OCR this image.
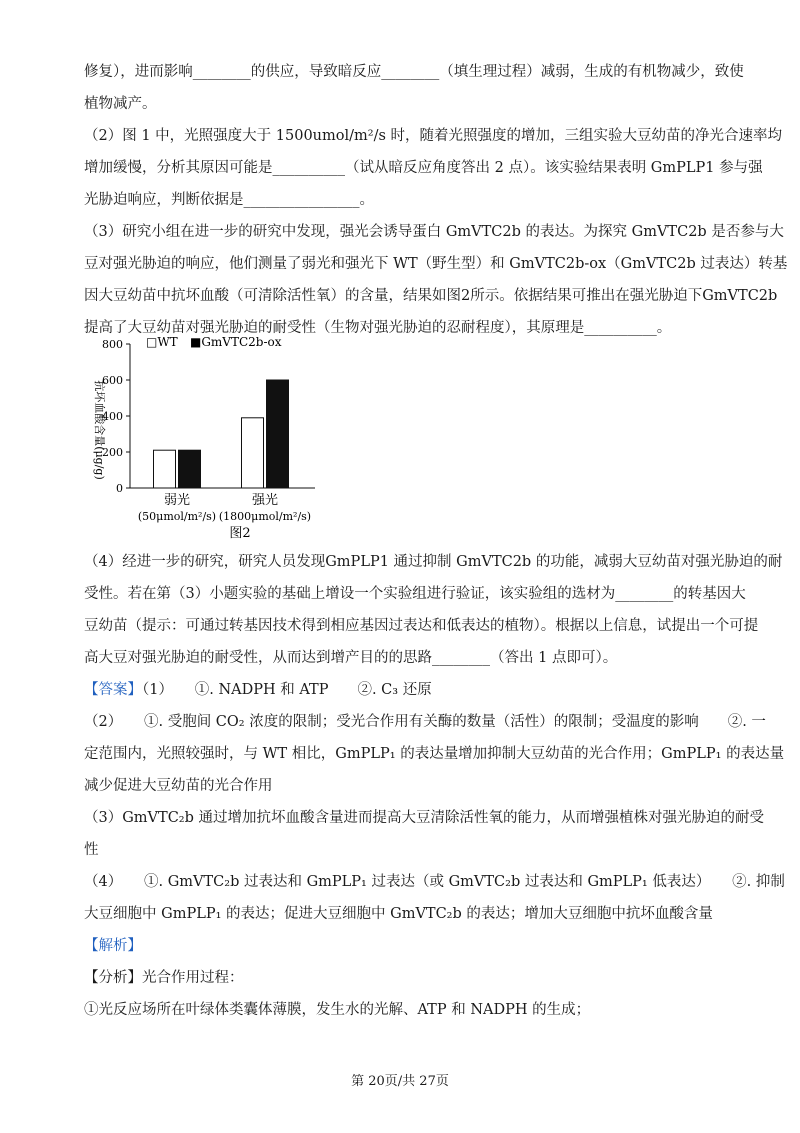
修复），进而影响________的供应，导致暗反应________（填生理过程）减弱，生成的有机物减少，致使
植物减产。
（2）图 1 中，光照强度大于 1500umol/m²/s 时，随着光照强度的增加，三组实验大豆幼苗的净光合速率均
增加缓慢，分析其原因可能是__________（试从暗反应角度答出 2 点）。该实验结果表明 GmPLP1 参与强
光胁迫响应，判断依据是________________。
（3）研究小组在进一步的研究中发现，强光会诱导蛋白 GmVTC2b 的表达。为探究 GmVTC2b 是否参与大
豆对强光胁迫的响应，他们测量了弱光和强光下 WT（野生型）和 GmVTC2b-ox（GmVTC2b 过表达）转基
因大豆幼苗中抗坏血酸（可清除活性氧）的含量，结果如图2所示。依据结果可推出在强光胁迫下GmVTC2b
提高了大豆幼苗对强光胁迫的耐受性（生物对强光胁迫的忍耐程度），其原理是__________。
□WT ■GmVTC2b-ox
抗坏血酸含量(μg/g)
0
200
400
600
800
弱光	强光
(50μmol/m²/s) (1800μmol/m²/s)
图2
（4）经进一步的研究，研究人员发现GmPLP1 通过抑制 GmVTC2b 的功能，减弱大豆幼苗对强光胁迫的耐
受性。若在第（3）小题实验的基础上增设一个实验组进行验证，该实验组的选材为________的转基因大
豆幼苗（提示：可通过转基因技术得到相应基因过表达和低表达的植物）。根据以上信息，试提出一个可提
高大豆对强光胁迫的耐受性，从而达到增产目的的思路________（答出 1 点即可）。
【答案】（1）　　①. NADPH 和 ATP　　②. C₃ 还原
（2）　　①. 受胞间 CO₂ 浓度的限制；受光合作用有关酶的数量（活性）的限制；受温度的影响　　②. 一
定范围内，光照较强时，与 WT 相比，GmPLP₁ 的表达量增加抑制大豆幼苗的光合作用；GmPLP₁ 的表达量
减少促进大豆幼苗的光合作用
（3）GmVTC₂b 通过增加抗坏血酸含量进而提高大豆清除活性氧的能力，从而增强植株对强光胁迫的耐受
性
（4）　　①. GmVTC₂b 过表达和 GmPLP₁ 过表达（或 GmVTC₂b 过表达和 GmPLP₁ 低表达）　　②. 抑制
大豆细胞中 GmPLP₁ 的表达；促进大豆细胞中 GmVTC₂b 的表达；增加大豆细胞中抗坏血酸含量
【解析】
【分析】光合作用过程：
①光反应场所在叶绿体类囊体薄膜，发生水的光解、ATP 和 NADPH 的生成；
第 20页/共 27页
